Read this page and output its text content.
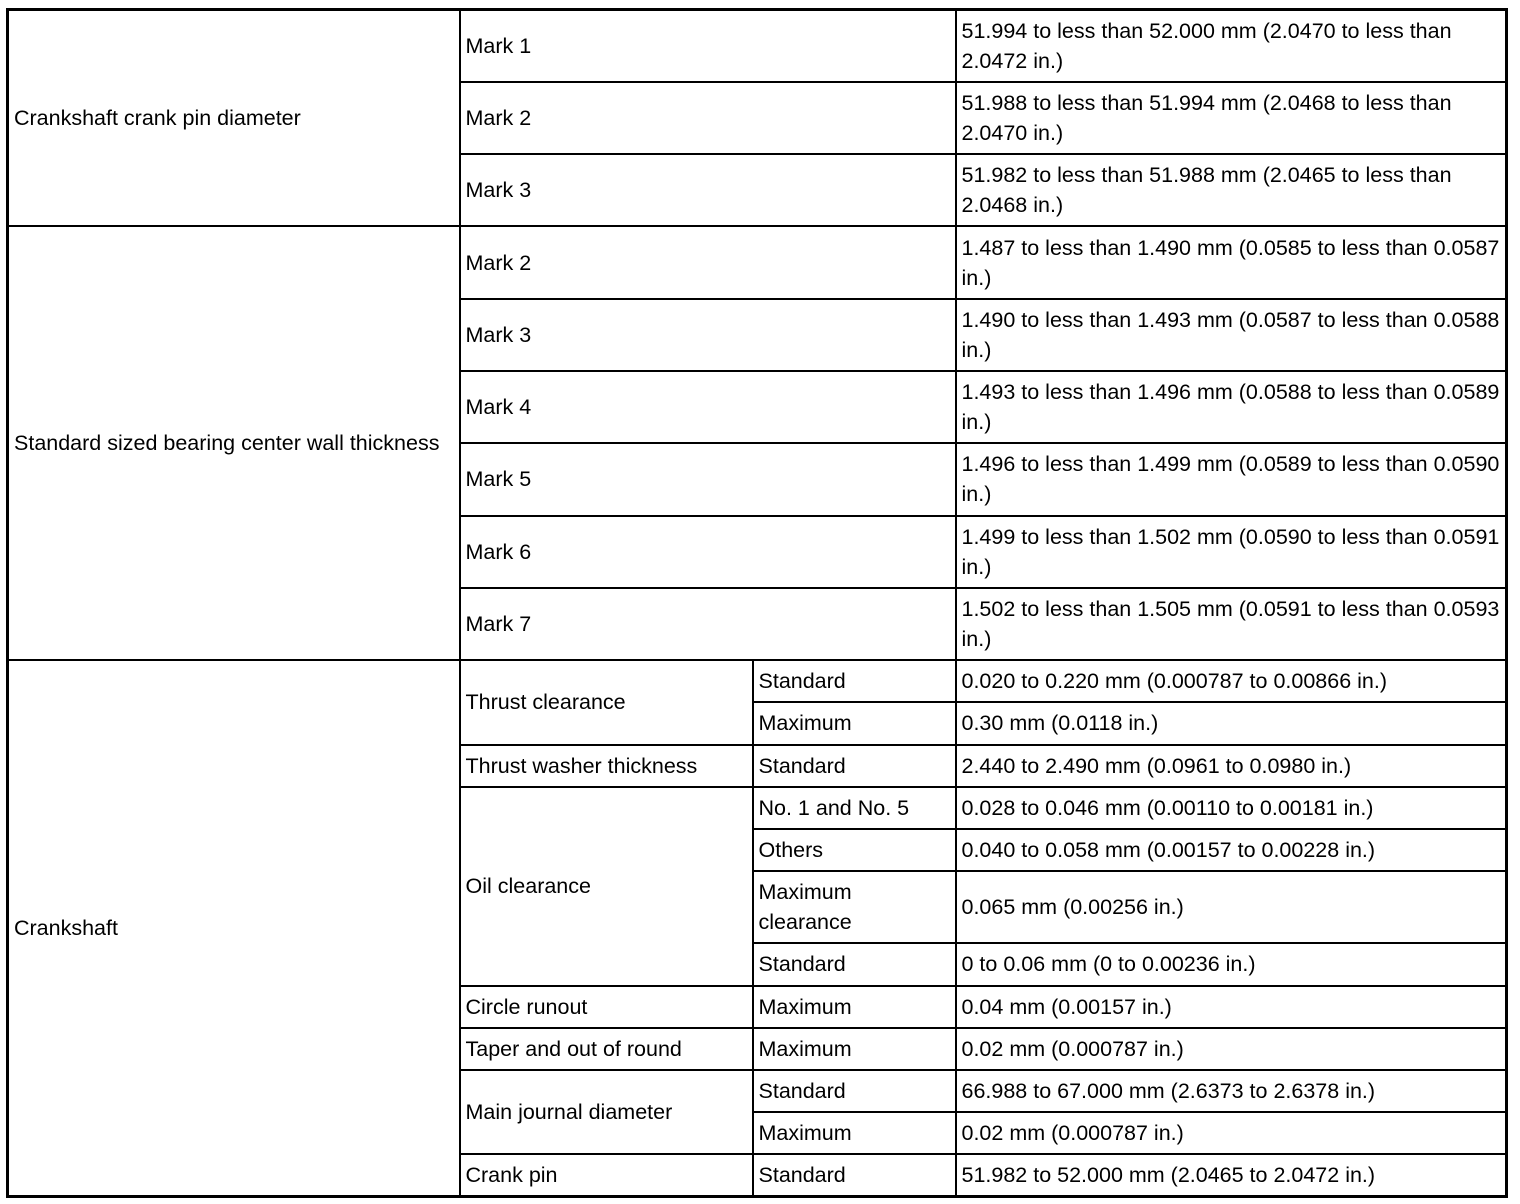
Crankshaft crank pin diameter	Mark 1		51.994 to less than 52.000 mm (2.0470 to less than 2.0472 in.)
	Mark 2		51.988 to less than 51.994 mm (2.0468 to less than 2.0470 in.)
	Mark 3		51.982 to less than 51.988 mm (2.0465 to less than 2.0468 in.)
Standard sized bearing center wall thickness	Mark 2		1.487 to less than 1.490 mm (0.0585 to less than 0.0587 in.)
	Mark 3		1.490 to less than 1.493 mm (0.0587 to less than 0.0588 in.)
	Mark 4		1.493 to less than 1.496 mm (0.0588 to less than 0.0589 in.)
	Mark 5		1.496 to less than 1.499 mm (0.0589 to less than 0.0590 in.)
	Mark 6		1.499 to less than 1.502 mm (0.0590 to less than 0.0591 in.)
	Mark 7		1.502 to less than 1.505 mm (0.0591 to less than 0.0593 in.)
Crankshaft	Thrust clearance	Standard	0.020 to 0.220 mm (0.000787 to 0.00866 in.)
		Maximum	0.30 mm (0.0118 in.)
	Thrust washer thickness	Standard	2.440 to 2.490 mm (0.0961 to 0.0980 in.)
	Oil clearance	No. 1 and No. 5	0.028 to 0.046 mm (0.00110 to 0.00181 in.)
		Others	0.040 to 0.058 mm (0.00157 to 0.00228 in.)
		Maximum clearance	0.065 mm (0.00256 in.)
		Standard	0 to 0.06 mm (0 to 0.00236 in.)
	Circle runout	Maximum	0.04 mm (0.00157 in.)
	Taper and out of round	Maximum	0.02 mm (0.000787 in.)
	Main journal diameter	Standard	66.988 to 67.000 mm (2.6373 to 2.6378 in.)
		Maximum	0.02 mm (0.000787 in.)
	Crank pin	Standard	51.982 to 52.000 mm (2.0465 to 2.0472 in.)
